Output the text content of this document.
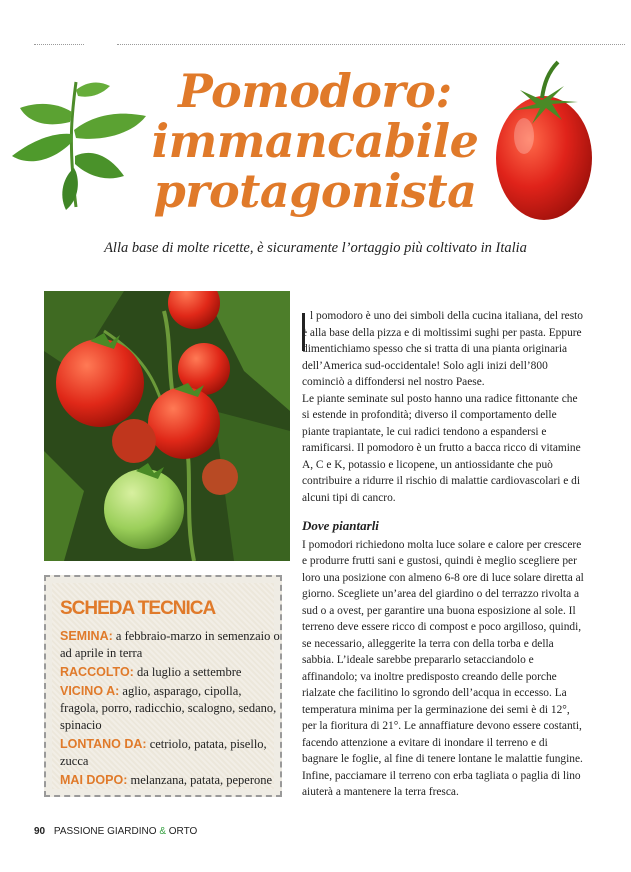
Pomodoro:
immancabile
protagonista

Alla base di molte ricette, è sicuramente l’ortaggio più coltivato in Italia

l pomodoro è uno dei simboli della cucina italiana, del resto è alla base della pizza e di moltissimi sughi per pasta. Eppure dimentichiamo spesso che si tratta di una pianta originaria dell’America sud-occidentale! Solo agli inizi dell’800 cominciò a diffondersi nel nostro Paese.

Le piante seminate sul posto hanno una radice fittonante che si estende in profondità; diverso il comportamento delle piante trapiantate, le cui radici tendono a espandersi e ramificarsi. Il pomodoro è un frutto a bacca ricco di vitamine A, C e K, potassio e licopene, un antiossidante che può contribuire a ridurre il rischio di malattie cardiovascolari e di alcuni tipi di cancro.

Dove piantarli

I pomodori richiedono molta luce solare e calore per crescere e produrre frutti sani e gustosi, quindi è meglio scegliere per loro una posizione con almeno 6-8 ore di luce solare diretta al giorno. Scegliete un’area del giardino o del terrazzo rivolta a sud o a ovest, per garantire una buona esposizione al sole. Il terreno deve essere ricco di compost e poco argilloso, quindi, se necessario, alleggerite la terra con della torba e della sabbia. L’ideale sarebbe prepararlo setacciandolo e affinandolo; va inoltre predisposto creando delle porche rialzate che facilitino lo sgrondo dell’acqua in eccesso. La temperatura minima per la germinazione dei semi è di 12°, per la fioritura di 21°. Le annaffiature devono essere costanti, facendo attenzione a evitare di inondare il terreno e di bagnare le foglie, al fine di tenere lontane le malattie fungine. Infine, pacciamare il terreno con erba tagliata o paglia di lino aiuterà a mantenere la terra fresca.

SCHEDA TECNICA

SEMINA: a febbraio-marzo in semenzaio o ad aprile in terra

RACCOLTO: da luglio a settembre

VICINO A: aglio, asparago, cipolla, fragola, porro, radicchio, scalogno, sedano, spinacio

LONTANO DA: cetriolo, patata, pisello, zucca

MAI DOPO: melanzana, patata, peperone

90 PASSIONE GIARDINO & ORTO
